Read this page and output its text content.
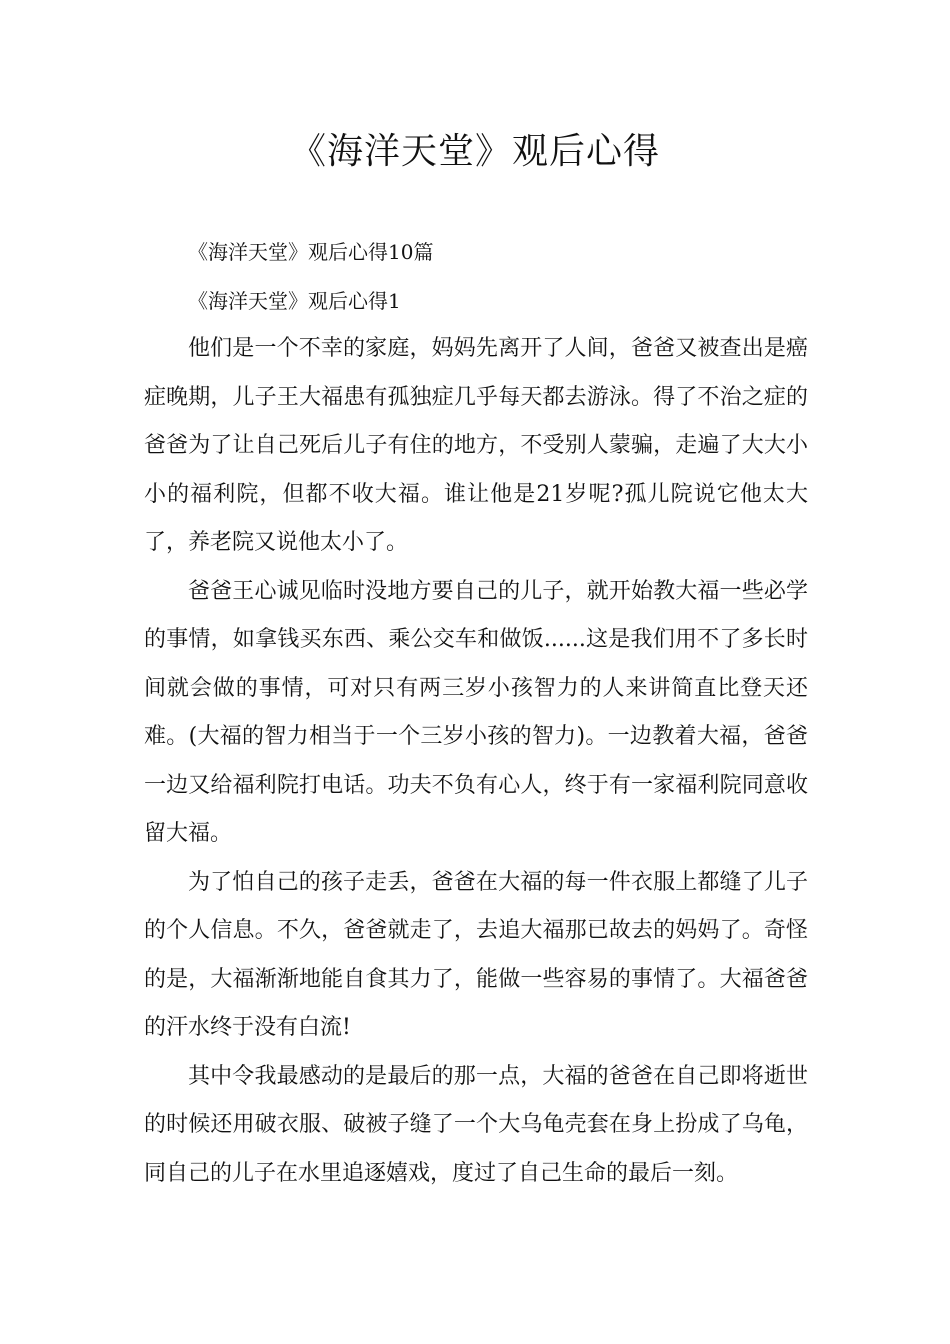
《海洋天堂》观后心得

《海洋天堂》观后心得10篇

《海洋天堂》观后心得1

他们是一个不幸的家庭，妈妈先离开了人间，爸爸又被查出是癌症晚期，儿子王大福患有孤独症几乎每天都去游泳。得了不治之症的爸爸为了让自己死后儿子有住的地方，不受别人蒙骗，走遍了大大小小的福利院，但都不收大福。谁让他是21岁呢?孤儿院说它他太大了，养老院又说他太小了。

爸爸王心诚见临时没地方要自己的儿子，就开始教大福一些必学的事情，如拿钱买东西、乘公交车和做饭......这是我们用不了多长时间就会做的事情，可对只有两三岁小孩智力的人来讲简直比登天还难。(大福的智力相当于一个三岁小孩的智力)。一边教着大福，爸爸一边又给福利院打电话。功夫不负有心人，终于有一家福利院同意收留大福。

为了怕自己的孩子走丢，爸爸在大福的每一件衣服上都缝了儿子的个人信息。不久，爸爸就走了，去追大福那已故去的妈妈了。奇怪的是，大福渐渐地能自食其力了，能做一些容易的事情了。大福爸爸的汗水终于没有白流!

其中令我最感动的是最后的那一点，大福的爸爸在自己即将逝世的时候还用破衣服、破被子缝了一个大乌龟壳套在身上扮成了乌龟，同自己的儿子在水里追逐嬉戏，度过了自己生命的最后一刻。
